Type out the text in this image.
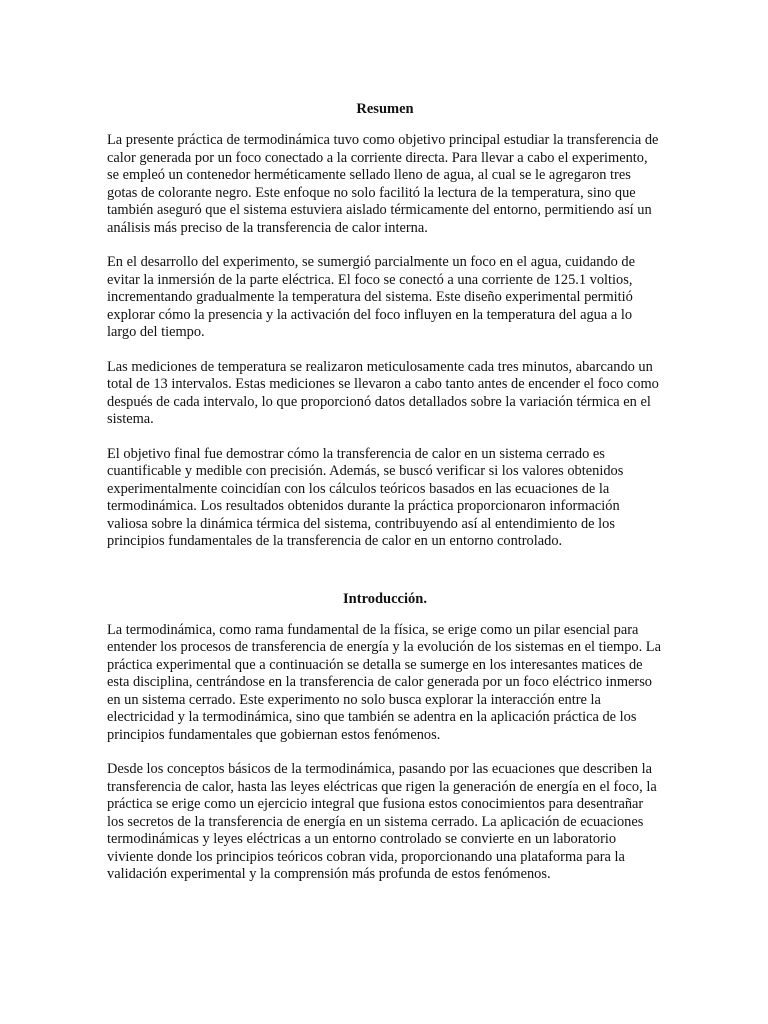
Resumen

La presente práctica de termodinámica tuvo como objetivo principal estudiar la transferencia de calor generada por un foco conectado a la corriente directa. Para llevar a cabo el experimento, se empleó un contenedor herméticamente sellado lleno de agua, al cual se le agregaron tres gotas de colorante negro. Este enfoque no solo facilitó la lectura de la temperatura, sino que también aseguró que el sistema estuviera aislado térmicamente del entorno, permitiendo así un análisis más preciso de la transferencia de calor interna.

En el desarrollo del experimento, se sumergió parcialmente un foco en el agua, cuidando de evitar la inmersión de la parte eléctrica. El foco se conectó a una corriente de 125.1 voltios, incrementando gradualmente la temperatura del sistema. Este diseño experimental permitió explorar cómo la presencia y la activación del foco influyen en la temperatura del agua a lo largo del tiempo.

Las mediciones de temperatura se realizaron meticulosamente cada tres minutos, abarcando un total de 13 intervalos. Estas mediciones se llevaron a cabo tanto antes de encender el foco como después de cada intervalo, lo que proporcionó datos detallados sobre la variación térmica en el sistema.

El objetivo final fue demostrar cómo la transferencia de calor en un sistema cerrado es cuantificable y medible con precisión. Además, se buscó verificar si los valores obtenidos experimentalmente coincidían con los cálculos teóricos basados en las ecuaciones de la termodinámica. Los resultados obtenidos durante la práctica proporcionaron información valiosa sobre la dinámica térmica del sistema, contribuyendo así al entendimiento de los principios fundamentales de la transferencia de calor en un entorno controlado.

Introducción.

La termodinámica, como rama fundamental de la física, se erige como un pilar esencial para entender los procesos de transferencia de energía y la evolución de los sistemas en el tiempo. La práctica experimental que a continuación se detalla se sumerge en los interesantes matices de esta disciplina, centrándose en la transferencia de calor generada por un foco eléctrico inmerso en un sistema cerrado. Este experimento no solo busca explorar la interacción entre la electricidad y la termodinámica, sino que también se adentra en la aplicación práctica de los principios fundamentales que gobiernan estos fenómenos.

Desde los conceptos básicos de la termodinámica, pasando por las ecuaciones que describen la transferencia de calor, hasta las leyes eléctricas que rigen la generación de energía en el foco, la práctica se erige como un ejercicio integral que fusiona estos conocimientos para desentrañar los secretos de la transferencia de energía en un sistema cerrado. La aplicación de ecuaciones termodinámicas y leyes eléctricas a un entorno controlado se convierte en un laboratorio viviente donde los principios teóricos cobran vida, proporcionando una plataforma para la validación experimental y la comprensión más profunda de estos fenómenos.
